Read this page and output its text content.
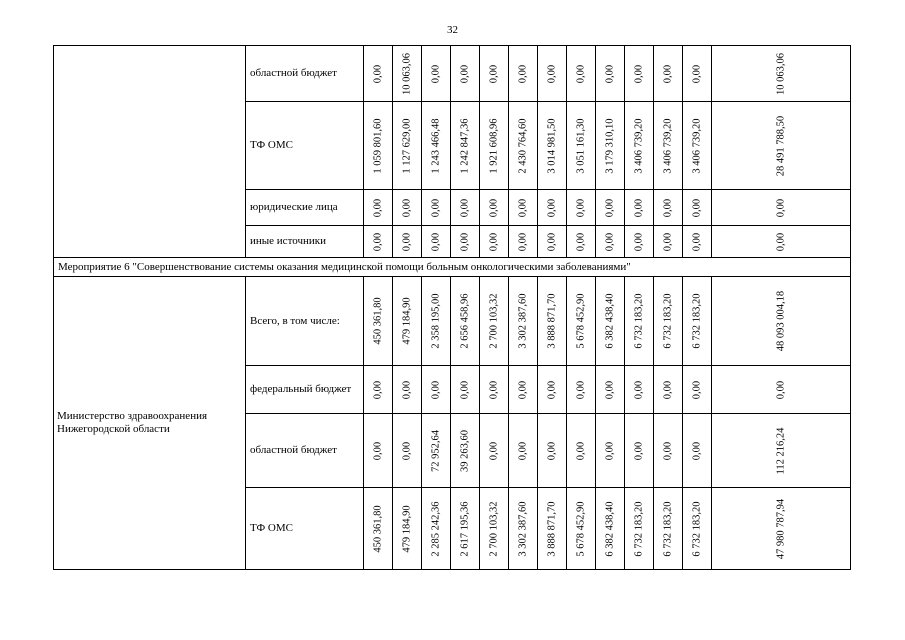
32

	областной бюджет	0,00	10 063,06	0,00	0,00	0,00	0,00	0,00	0,00	0,00	0,00	0,00	0,00	10 063,06

	ТФ ОМС	1 059 801,60	1 127 629,00	1 243 466,48	1 242 847,36	1 921 608,96	2 430 764,60	3 014 981,50	3 051 161,30	3 179 310,10	3 406 739,20	3 406 739,20	3 406 739,20	28 491 788,50

	юридические лица	0,00	0,00	0,00	0,00	0,00	0,00	0,00	0,00	0,00	0,00	0,00	0,00	0,00

	иные источники	0,00	0,00	0,00	0,00	0,00	0,00	0,00	0,00	0,00	0,00	0,00	0,00	0,00

Мероприятие 6 "Совершенствование системы оказания медицинской помощи больным онкологическими заболеваниями"														

Министерство здравоохранения Нижегородской области	Всего, в том числе:	450 361,80	479 184,90	2 358 195,00	2 656 458,96	2 700 103,32	3 302 387,60	3 888 871,70	5 678 452,90	6 382 438,40	6 732 183,20	6 732 183,20	6 732 183,20	48 093 004,18

	федеральный бюджет	0,00	0,00	0,00	0,00	0,00	0,00	0,00	0,00	0,00	0,00	0,00	0,00	0,00

	областной бюджет	0,00	0,00	72 952,64	39 263,60	0,00	0,00	0,00	0,00	0,00	0,00	0,00	0,00	112 216,24

	ТФ ОМС	450 361,80	479 184,90	2 285 242,36	2 617 195,36	2 700 103,32	3 302 387,60	3 888 871,70	5 678 452,90	6 382 438,40	6 732 183,20	6 732 183,20	6 732 183,20	47 980 787,94
